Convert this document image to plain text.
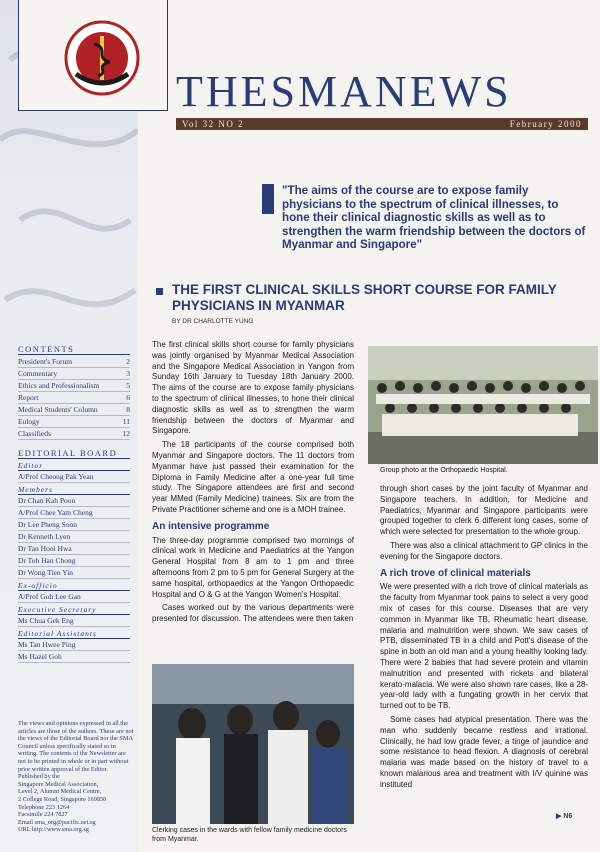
THESMANEWS
Vol 32 NO 2	February 2000
"The aims of the course are to expose family physicians to the spectrum of clinical illnesses, to hone their clinical diagnostic skills as well as to strengthen the warm friendship between the doctors of Myanmar and Singapore"
THE FIRST CLINICAL SKILLS SHORT COURSE FOR FAMILY PHYSICIANS IN MYANMAR
BY DR CHARLOTTE YUNG

The first clinical skills short course for family physicians was jointly organised by Myanmar Medical Association and the Singapore Medical Association in Yangon from Sunday 16th January to Tuesday 18th January 2000. The aims of the course are to expose family physicians to the spectrum of clinical illnesses, to hone their clinical diagnostic skills as well as to strengthen the warm friendship between the doctors of Myanmar and Singapore.

The 18 participants of the course comprised both Myanmar and Singapore doctors. The 11 doctors from Myanmar have just passed their examination for the Diploma in Family Medicine after a one-year full time study. The Singapore attendees are first and second year MMed (Family Medicine) trainees. Six are from the Private Practitioner scheme and one is a MOH trainee.

An intensive programme

The three-day programme comprised two mornings of clinical work in Medicine and Paediatrics at the Yangon General Hospital from 8 am to 1 pm and three afternoons from 2 pm to 5 pm for General Surgery at the same hospital, orthopaedics at the Yangon Orthopaedic Hospital and O & G at the Yangon Women's Hospital.

Cases worked out by the various departments were presented for discussion. The attendees were then taken

Clerking cases in the wards with fellow family medicine doctors from Myanmar.
Group photo at the Orthopaedic Hospital.

through short cases by the joint faculty of Myanmar and Singapore teachers. In addition, for Medicine and Paediatrics, Myanmar and Singapore participants were grouped together to clerk 6 different long cases, some of which were selected for presentation to the whole group.

There was also a clinical attachment to GP clinics in the evening for the Singapore doctors.

A rich trove of clinical materials

We were presented with a rich trove of clinical materials as the faculty from Myanmar took pains to select a very good mix of cases for this course. Diseases that are very common in Myanmar like TB, Rheumatic heart disease, malaria and malnutrition were shown. We saw cases of PTB, disseminated TB in a child and Pott's disease of the spine in both an old man and a young healthy looking lady. There were 2 babies that had severe protein and vitamin malnutrition and presented with rickets and bilateral kerato-malacia. We were also shown rare cases, like a 28-year-old lady with a fungating growth in her cervix that turned out to be TB.

Some cases had atypical presentation. There was the man who suddenly became restless and irrational. Clinically, he had low grade fever, a tinge of jaundice and some resistance to head flexion. A diagnosis of cerebral malaria was made based on the history of travel to a known malarious area and treatment with I/V quinine was instituted

▶ N6
CONTENTS
President's Forum	2
Commentary	3
Ethics and Professionalism	5
Report	6
Medical Students' Column	8
Eulogy	11
Classifieds	12
EDITORIAL BOARD
Editor
A/Prof Cheong Pak Yean
Members
Dr Chan Kah Poon
A/Prof Chee Yam Cheng
Dr Lee Pheng Soon
Dr Kenneth Lyen
Dr Tan Hooi Hwa
Dr Toh Han Chong
Dr Wong Tien Yin
Ex-officio
A/Prof Goh Lee Gan
Executive Secretary
Ms Chua Gek Eng
Editorial Assistants
Ms Tan Hwee Ping
Ms Hazel Goh
The views and opinions expressed in all the articles are those of the authors. These are not the views of the Editorial Board nor the SMA Council unless specifically stated so in writing. The contents of the Newsletter are not to be printed in whole or in part without prior written approval of the Editor.
Published by the
Singapore Medical Association,
Level 2, Alumni Medical Centre,
2 College Road, Singapore 169850
Telephone 223 1264
Facsimile 224 7827
Email sma_org@pacific.net.sg
URL http://www.sma.org.sg
